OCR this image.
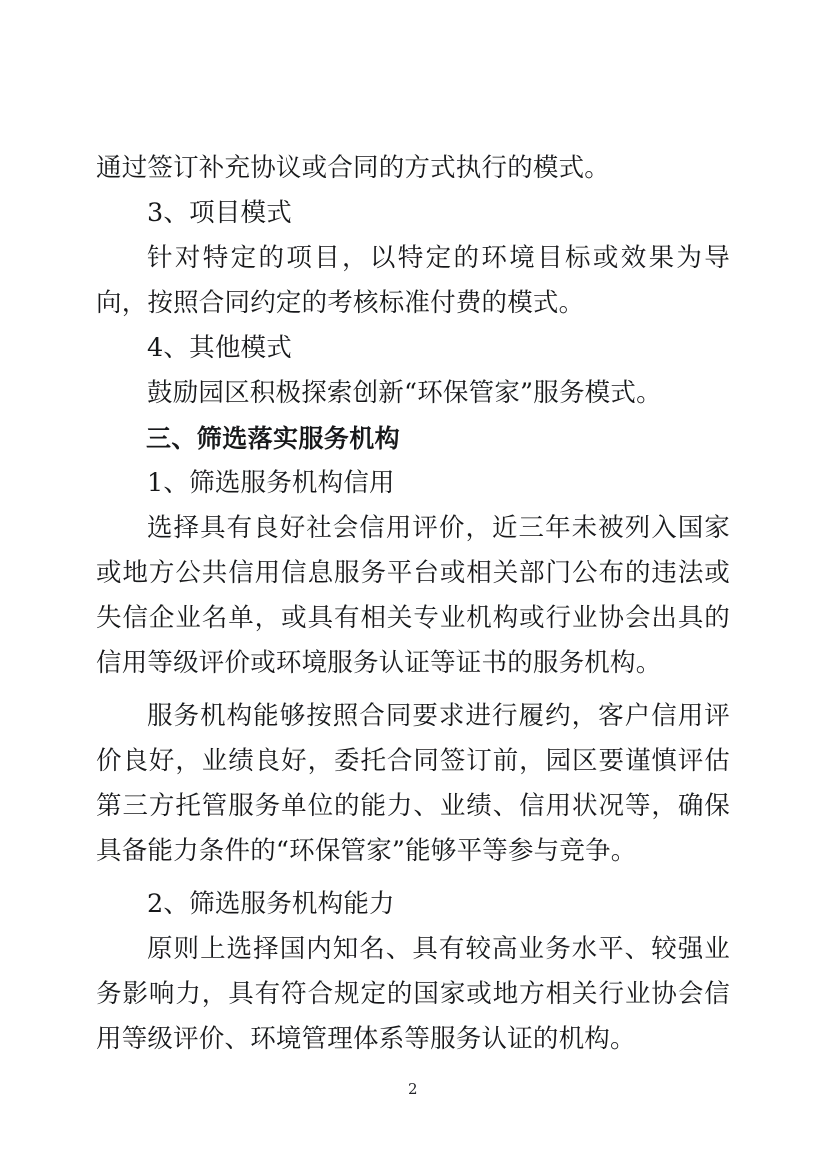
通过签订补充协议或合同的方式执行的模式。

3、项目模式

针对特定的项目，以特定的环境目标或效果为导向，按照合同约定的考核标准付费的模式。

4、其他模式

鼓励园区积极探索创新“环保管家”服务模式。

三、筛选落实服务机构

1、筛选服务机构信用

选择具有良好社会信用评价，近三年未被列入国家或地方公共信用信息服务平台或相关部门公布的违法或失信企业名单，或具有相关专业机构或行业协会出具的信用等级评价或环境服务认证等证书的服务机构。

服务机构能够按照合同要求进行履约，客户信用评价良好，业绩良好，委托合同签订前，园区要谨慎评估第三方托管服务单位的能力、业绩、信用状况等，确保具备能力条件的“环保管家”能够平等参与竞争。

2、筛选服务机构能力

原则上选择国内知名、具有较高业务水平、较强业务影响力，具有符合规定的国家或地方相关行业协会信用等级评价、环境管理体系等服务认证的机构。

2
